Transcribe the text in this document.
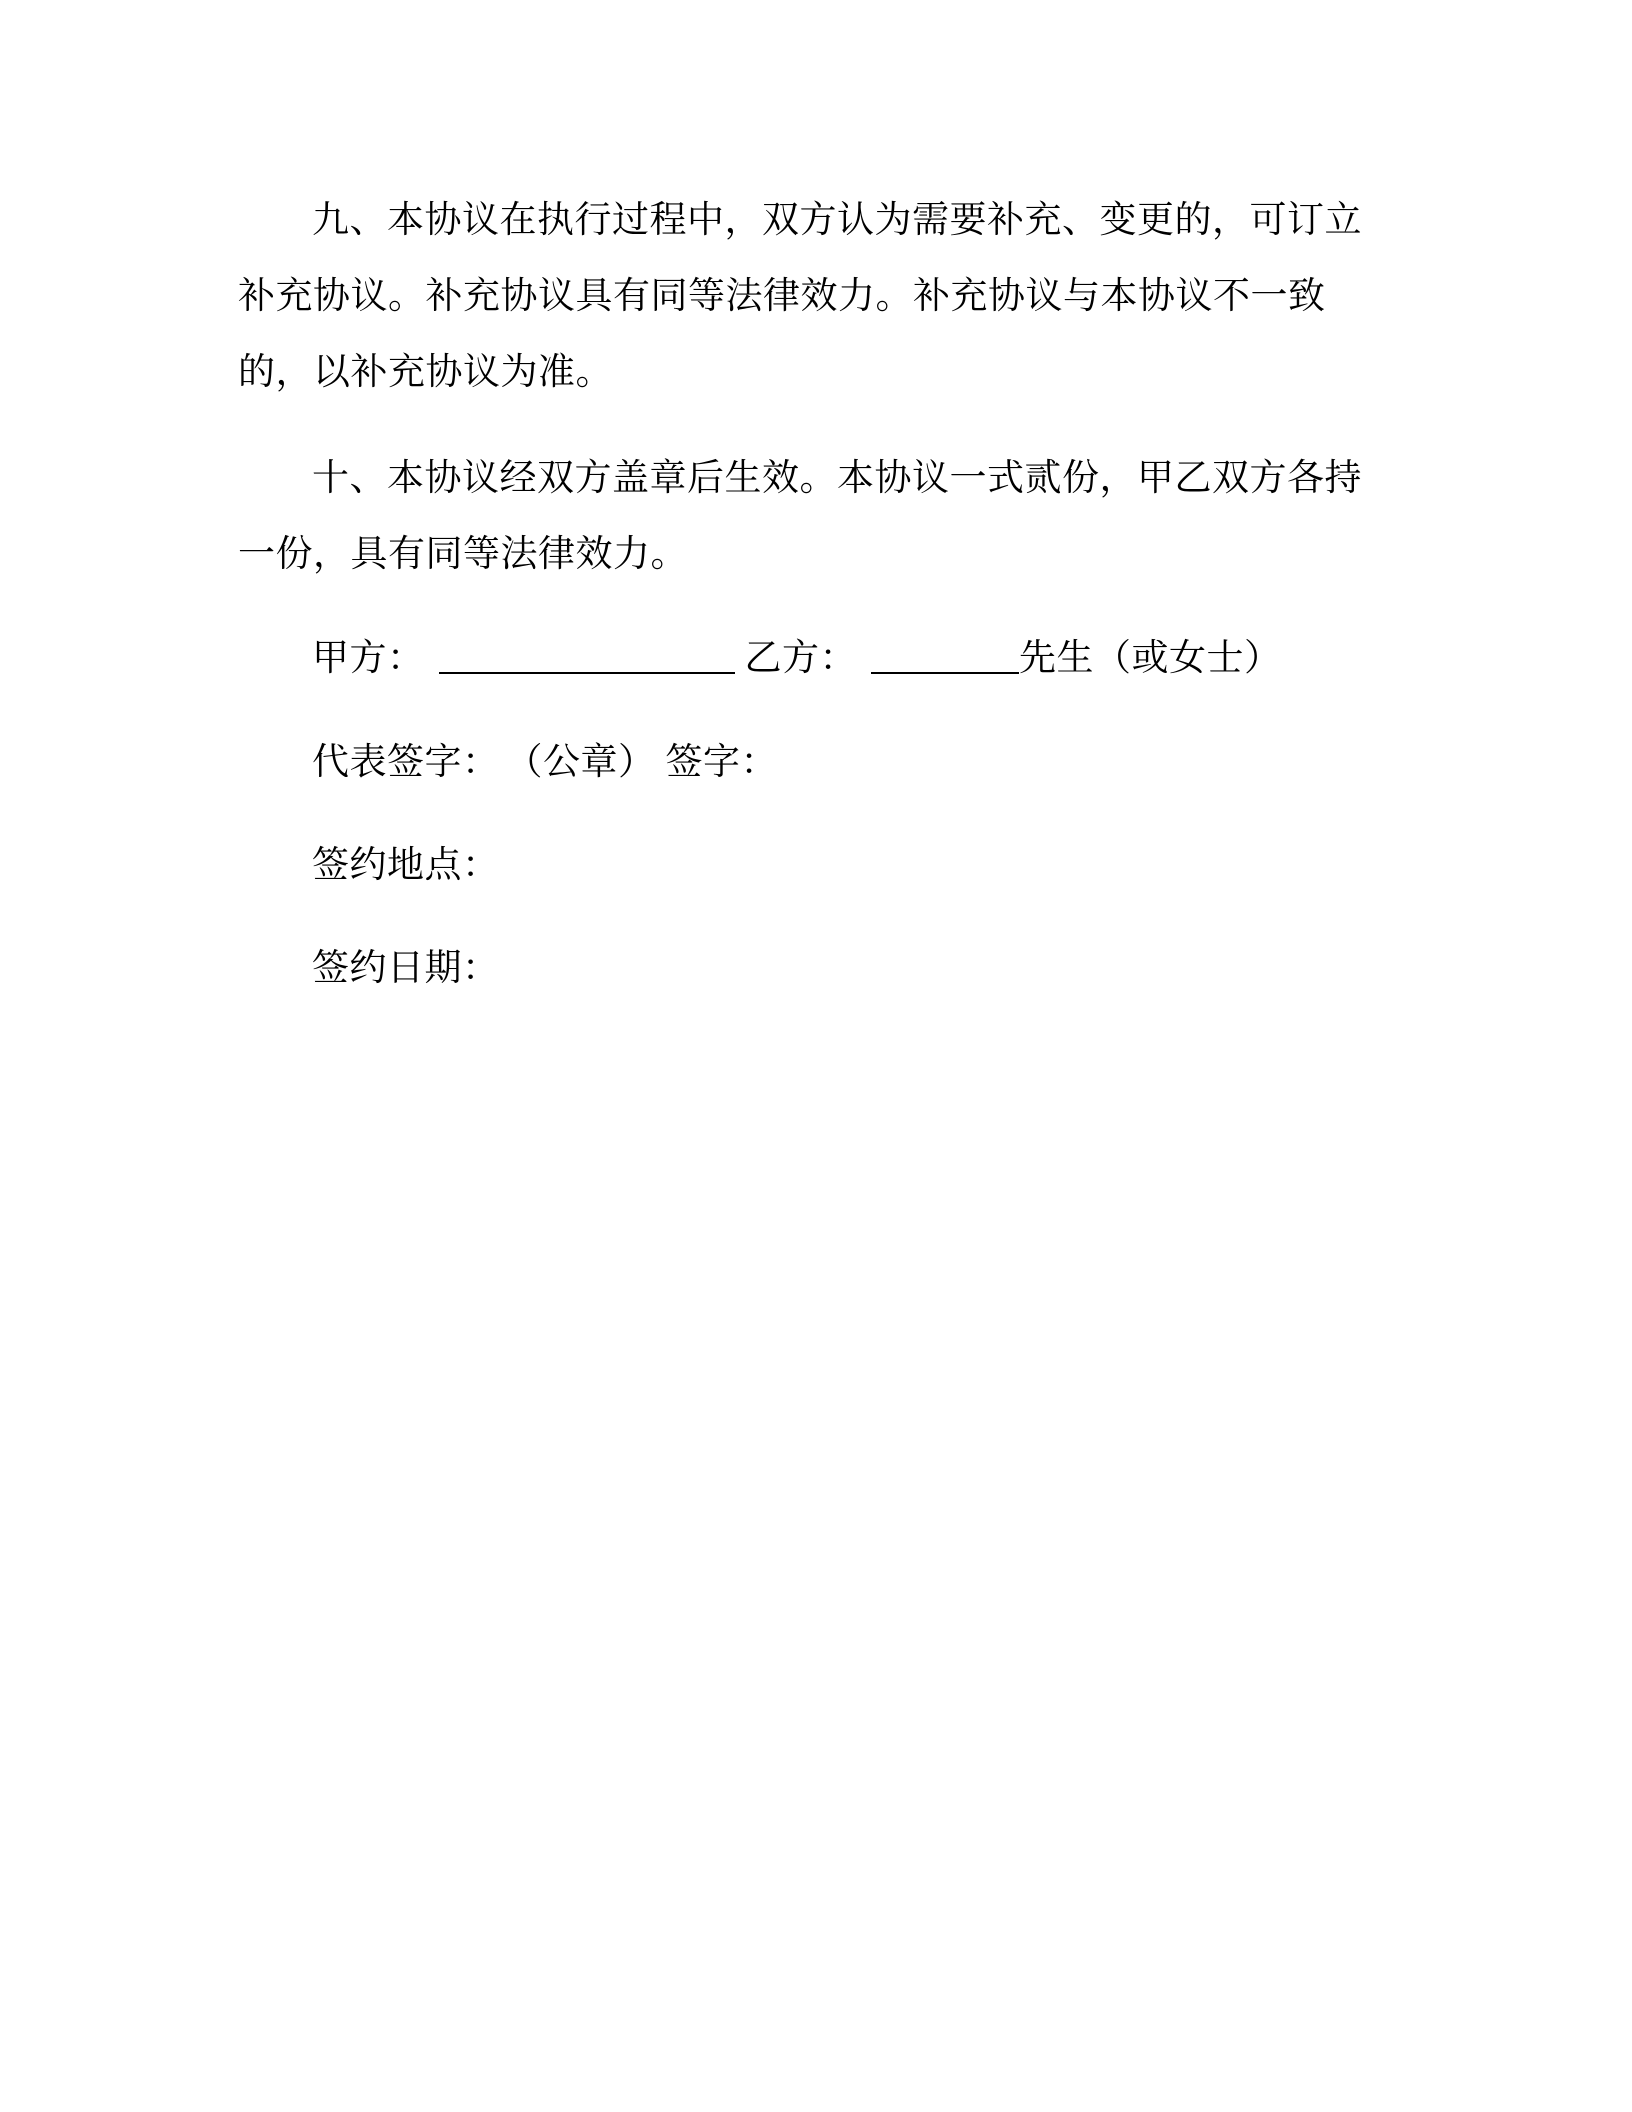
九、本协议在执行过程中，双方认为需要补充、变更的，可订立补充协议。补充协议具有同等法律效力。补充协议与本协议不一致的，以补充协议为准。

十、本协议经双方盖章后生效。本协议一式贰份，甲乙双方各持一份，具有同等法律效力。

甲方：	乙方：	先生（或女士）
代表签字： （公章） 签字：
签约地点：
签约日期：
